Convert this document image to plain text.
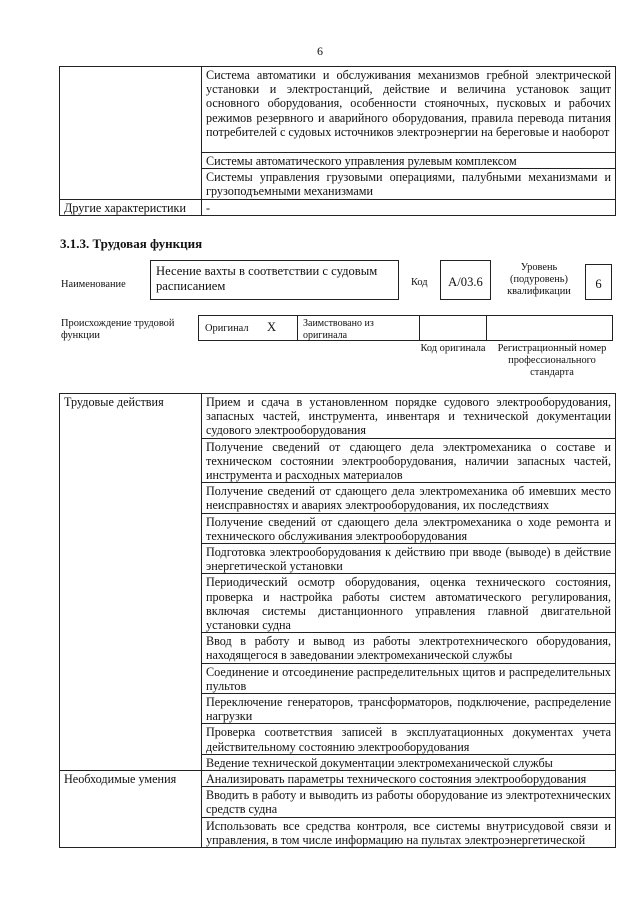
6
	Система автоматики и обслуживания механизмов гребной электрической установки и электростанций, действие и величина установок защит основного оборудования, особенности стояночных, пусковых и рабочих режимов резервного и аварийного оборудования, правила перевода питания потребителей с судовых источников электроэнергии на береговые и наоборот
	Системы автоматического управления рулевым комплексом
	Системы управления грузовыми операциями, палубными механизмами и грузоподъемными механизмами
Другие характеристики	-
3.1.3. Трудовая функция
Наименование
Несение вахты в соответствии с судовым расписанием	Код	А/03.6
Уровень (подуровень) квалификации
6
Происхождение трудовой функции
Оригинал X	Заимствовано из оригинала
Код оригинала	Регистрационный номер профессионального стандарта
Трудовые действия	Прием и сдача в установленном порядке судового электрооборудования, запасных частей, инструмента, инвентаря и технической документации судового электрооборудования
	Получение сведений от сдающего дела электромеханика о составе и техническом состоянии электрооборудования, наличии запасных частей, инструмента и расходных материалов
	Получение сведений от сдающего дела электромеханика об имевших место неисправностях и авариях электрооборудования, их последствиях
	Получение сведений от сдающего дела электромеханика о ходе ремонта и технического обслуживания электрооборудования
	Подготовка электрооборудования к действию при вводе (выводе) в действие энергетической установки
	Периодический осмотр оборудования, оценка технического состояния, проверка и настройка работы систем автоматического регулирования, включая системы дистанционного управления главной двигательной установки судна
	Ввод в работу и вывод из работы электротехнического оборудования, находящегося в заведовании электромеханической службы
	Соединение и отсоединение распределительных щитов и распределительных пультов
	Переключение генераторов, трансформаторов, подключение, распределение нагрузки
	Проверка соответствия записей в эксплуатационных документах учета действительному состоянию электрооборудования
	Ведение технической документации электромеханической службы
Необходимые умения	Анализировать параметры технического состояния электрооборудования
	Вводить в работу и выводить из работы оборудование из электротехнических средств судна
	Использовать все средства контроля, все системы внутрисудовой связи и управления, в том числе информацию на пультах электроэнергетической
